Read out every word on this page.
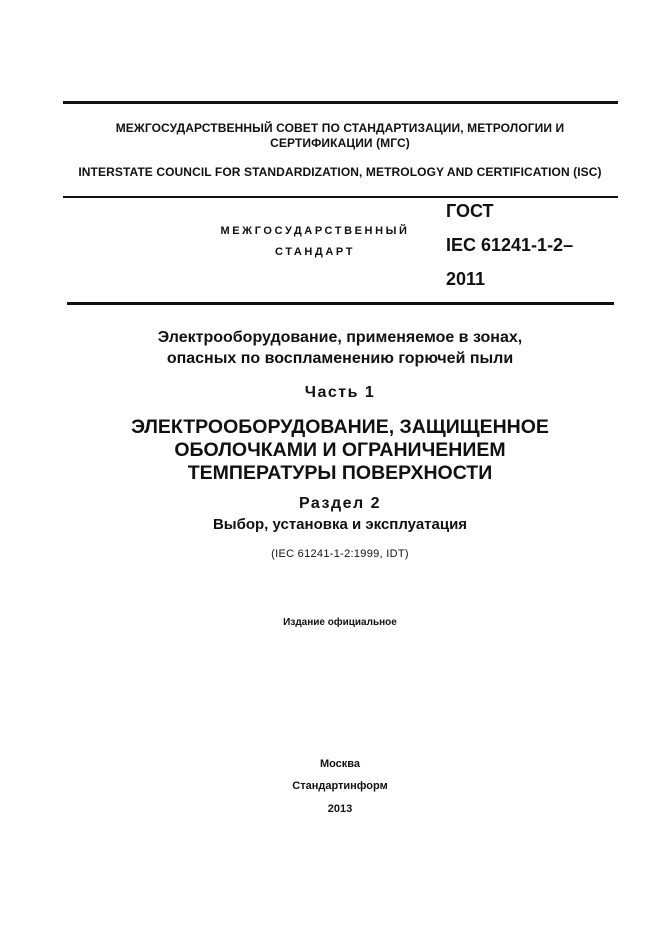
МЕЖГОСУДАРСТВЕННЫЙ СОВЕТ ПО СТАНДАРТИЗАЦИИ, МЕТРОЛОГИИ И СЕРТИФИКАЦИИ (МГС)
INTERSTATE COUNCIL FOR STANDARDIZATION, METROLOGY AND CERTIFICATION (ISC)
МЕЖГОСУДАРСТВЕННЫЙ
СТАНДАРТ
ГОСТ
IEC 61241-1-2–
2011
Электрооборудование, применяемое в зонах,
опасных по воспламенению горючей пыли
Часть 1
ЭЛЕКТРООБОРУДОВАНИЕ, ЗАЩИЩЕННОЕ
ОБОЛОЧКАМИ И ОГРАНИЧЕНИЕМ
ТЕМПЕРАТУРЫ ПОВЕРХНОСТИ
Раздел 2
Выбор, установка и эксплуатация
(IEC 61241-1-2:1999, IDT)
Издание официальное
Москва
Стандартинформ
2013
